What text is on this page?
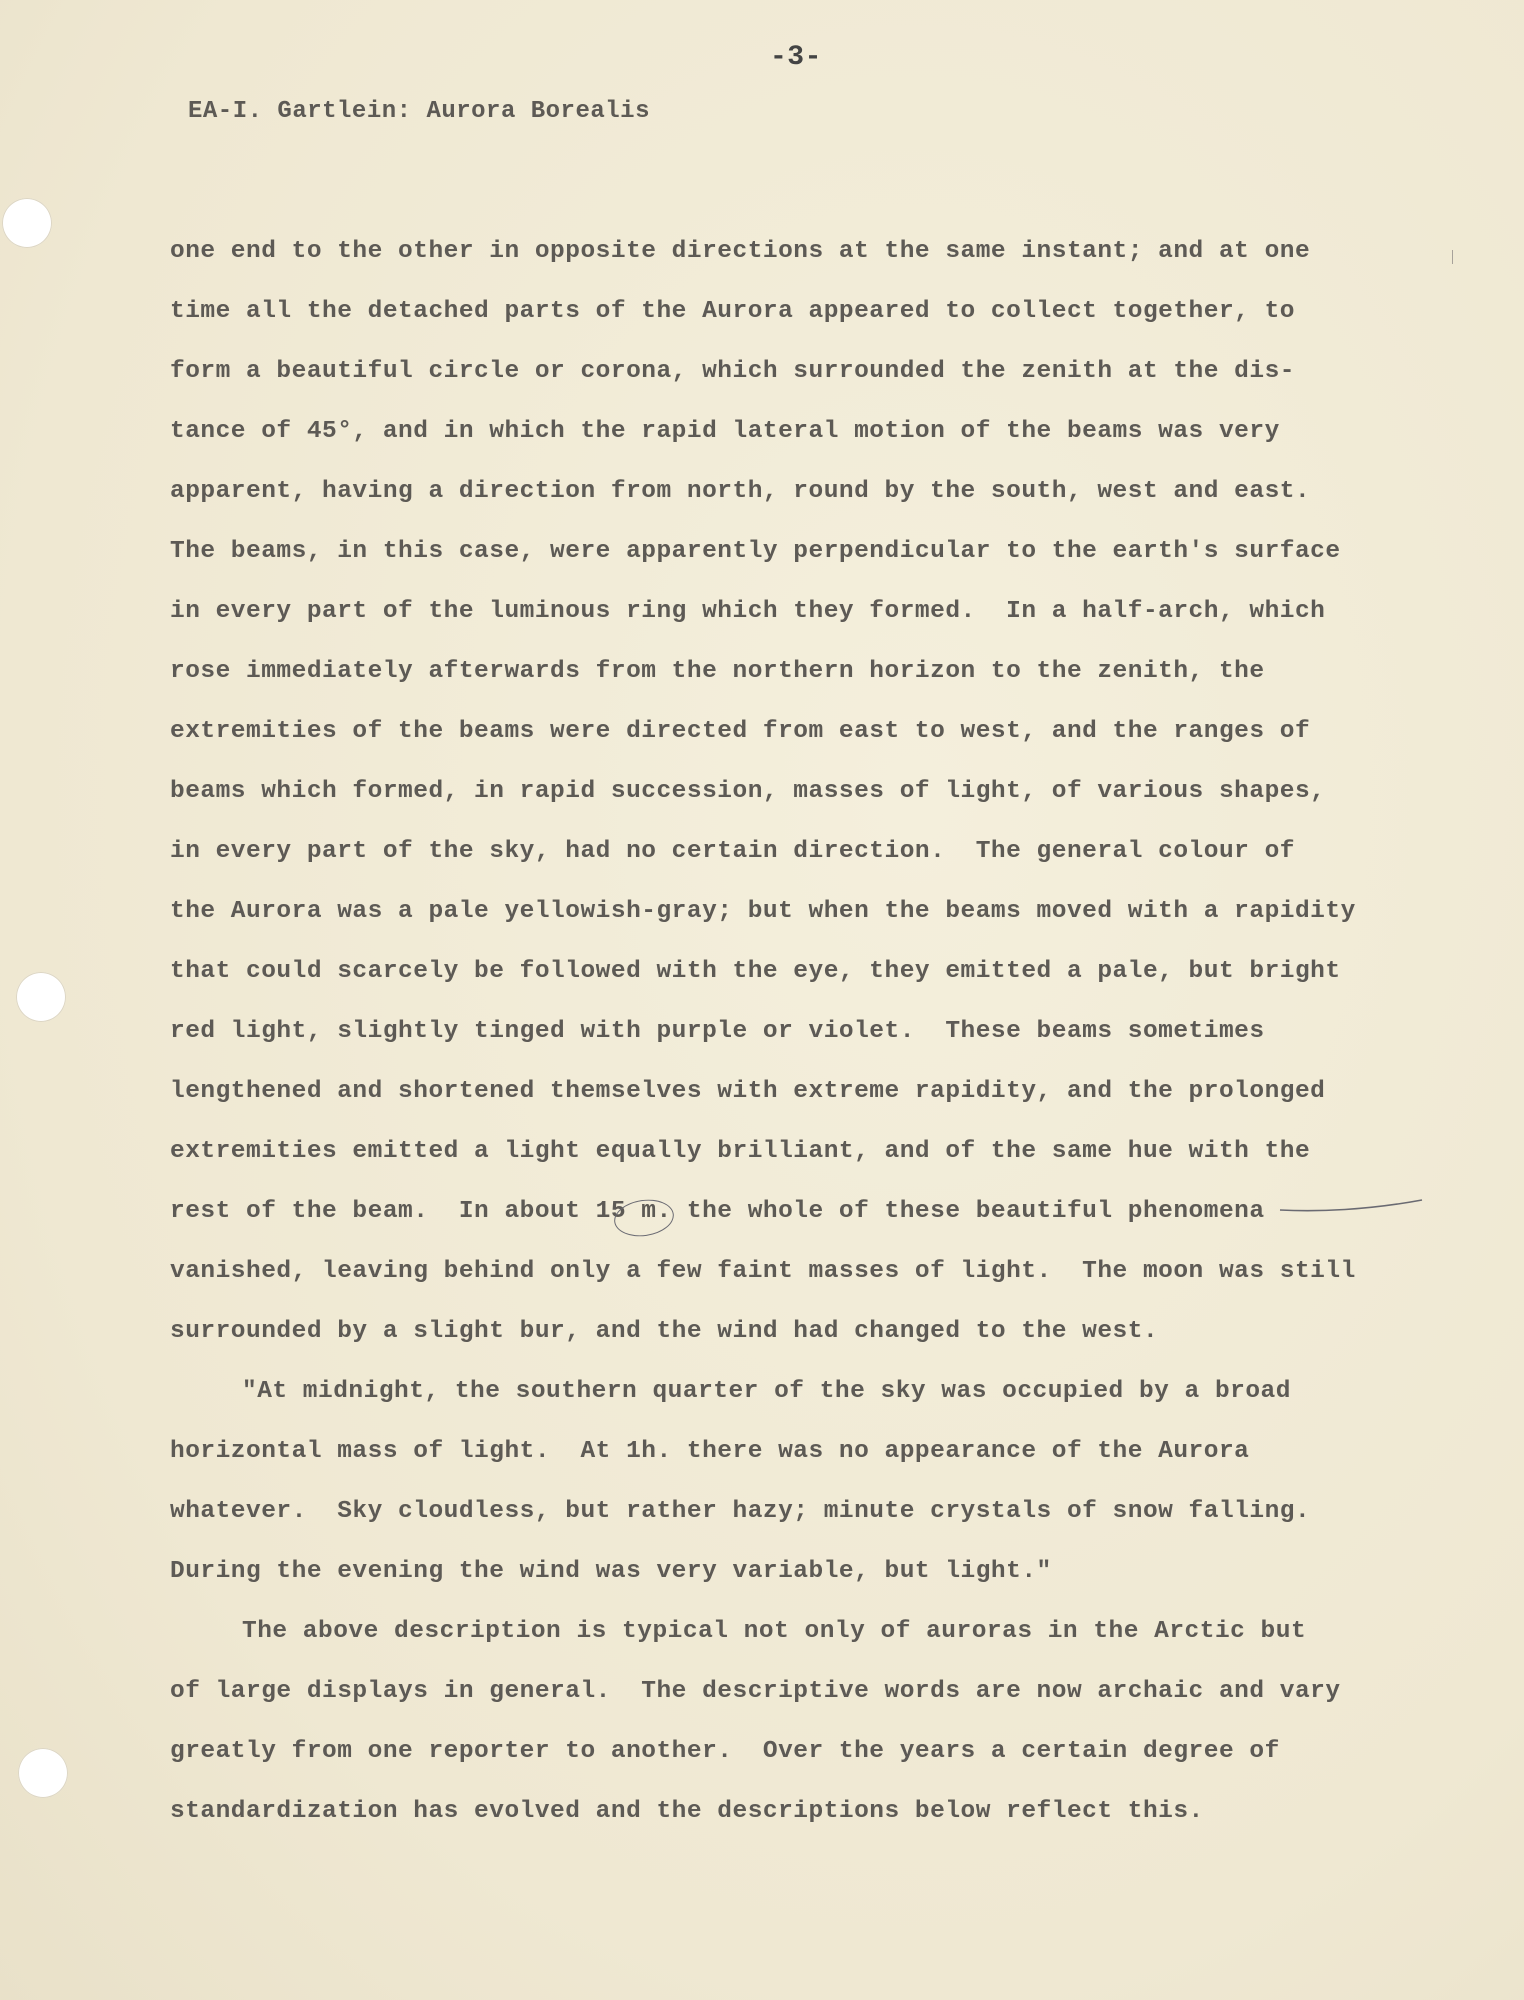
-3-
EA-I. Gartlein: Aurora Borealis
one end to the other in opposite directions at the same instant; and at one
time all the detached parts of the Aurora appeared to collect together, to
form a beautiful circle or corona, which surrounded the zenith at the dis-
tance of 45°, and in which the rapid lateral motion of the beams was very
apparent, having a direction from north, round by the south, west and east.
The beams, in this case, were apparently perpendicular to the earth's surface
in every part of the luminous ring which they formed.  In a half-arch, which
rose immediately afterwards from the northern horizon to the zenith, the
extremities of the beams were directed from east to west, and the ranges of
beams which formed, in rapid succession, masses of light, of various shapes,
in every part of the sky, had no certain direction.  The general colour of
the Aurora was a pale yellowish-gray; but when the beams moved with a rapidity
that could scarcely be followed with the eye, they emitted a pale, but bright
red light, slightly tinged with purple or violet.  These beams sometimes
lengthened and shortened themselves with extreme rapidity, and the prolonged
extremities emitted a light equally brilliant, and of the same hue with the
rest of the beam.  In about 15 m. the whole of these beautiful phenomena
vanished, leaving behind only a few faint masses of light.  The moon was still
surrounded by a slight bur, and the wind had changed to the west.
"At midnight, the southern quarter of the sky was occupied by a broad
horizontal mass of light.  At 1h. there was no appearance of the Aurora
whatever.  Sky cloudless, but rather hazy; minute crystals of snow falling.
During the evening the wind was very variable, but light."
The above description is typical not only of auroras in the Arctic but
of large displays in general.  The descriptive words are now archaic and vary
greatly from one reporter to another.  Over the years a certain degree of
standardization has evolved and the descriptions below reflect this.
